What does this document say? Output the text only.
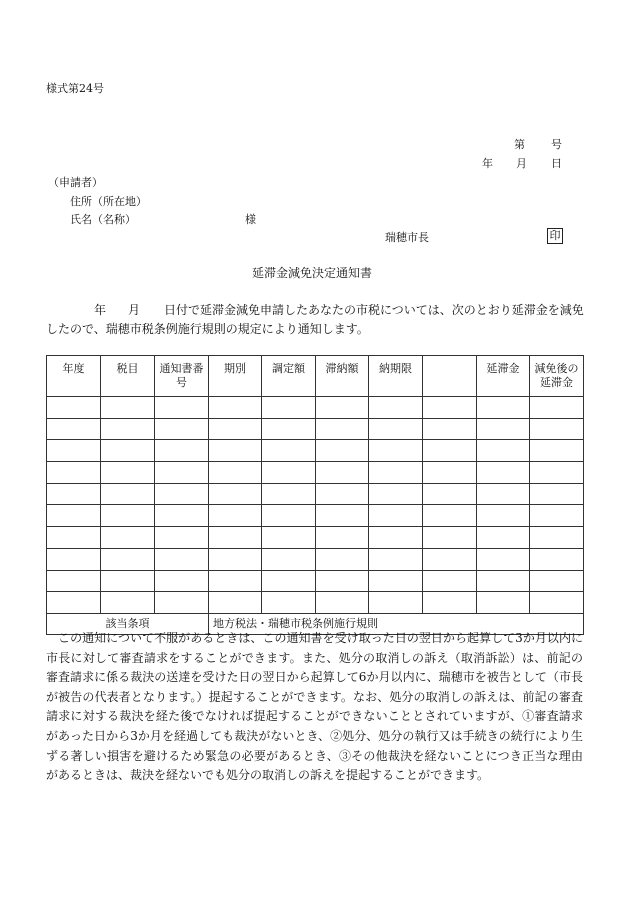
様式第24号
第 号
年 月 日
（申請者）
住所（所在地）
氏名（名称）	様
瑞穂市長	印
延滞金減免決定通知書
年 月 日付で延滞金減免申請したあなたの市税については、次のとおり延滞金を減免
したので、瑞穂市税条例施行規則の規定により通知します。
年度	税目	通知書番号	期別	調定額	滞納額	納期限		延滞金	減免後の延滞金

該当条項			地方税法・瑞穂市税条例施行規則						
この通知について不服があるときは、この通知書を受け取った日の翌日から起算して3か月以内に市長に対して審査請求をすることができます。また、処分の取消しの訴え（取消訴訟）は、前記の審査請求に係る裁決の送達を受けた日の翌日から起算して6か月以内に、瑞穂市を被告として（市長が被告の代表者となります。）提起することができます。なお、処分の取消しの訴えは、前記の審査請求に対する裁決を経た後でなければ提起することができないこととされていますが、①審査請求があった日から3か月を経過しても裁決がないとき、②処分、処分の執行又は手続きの続行により生ずる著しい損害を避けるため緊急の必要があるとき、③その他裁決を経ないことにつき正当な理由があるときは、裁決を経ないでも処分の取消しの訴えを提起することができます。
